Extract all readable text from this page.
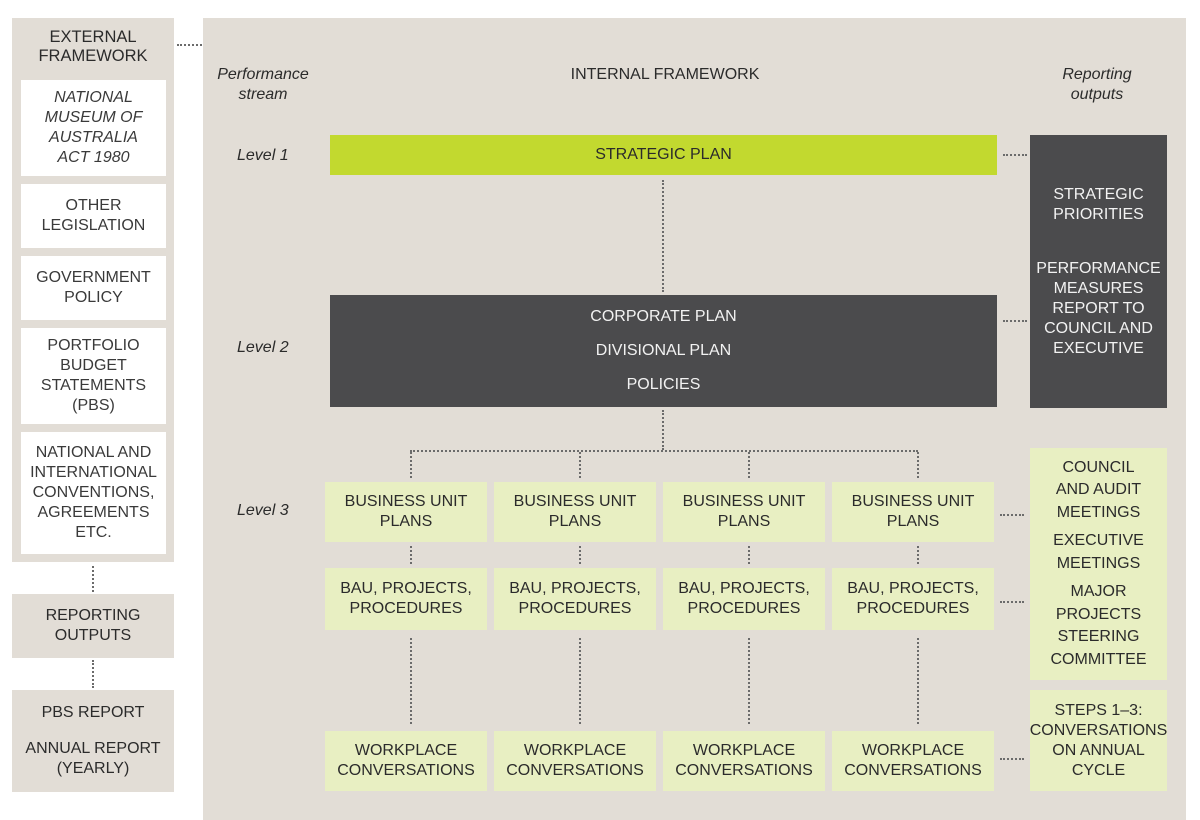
EXTERNAL FRAMEWORK
NATIONAL MUSEUM OF AUSTRALIA ACT 1980
OTHER LEGISLATION
GOVERNMENT POLICY
PORTFOLIO BUDGET STATEMENTS (PBS)
NATIONAL AND INTERNATIONAL CONVENTIONS, AGREEMENTS ETC.
REPORTING OUTPUTS
PBS REPORT
ANNUAL REPORT (YEARLY)
Performance stream
INTERNAL FRAMEWORK	Reporting outputs
Level 1
Level 2
Level 3
STRATEGIC PLAN
STRATEGIC PRIORITIES
PERFORMANCE MEASURES REPORT TO COUNCIL AND EXECUTIVE
CORPORATE PLAN
DIVISIONAL PLAN
POLICIES
BUSINESS UNIT PLANS
BAU, PROJECTS, PROCEDURES
WORKPLACE CONVERSATIONS
BUSINESS UNIT PLANS
BAU, PROJECTS, PROCEDURES
WORKPLACE CONVERSATIONS
BUSINESS UNIT PLANS
BAU, PROJECTS, PROCEDURES
WORKPLACE CONVERSATIONS
BUSINESS UNIT PLANS
BAU, PROJECTS, PROCEDURES
WORKPLACE CONVERSATIONS
COUNCIL AND AUDIT MEETINGS
EXECUTIVE MEETINGS
MAJOR PROJECTS STEERING COMMITTEE
STEPS 1–3: CONVERSATIONS ON ANNUAL CYCLE
